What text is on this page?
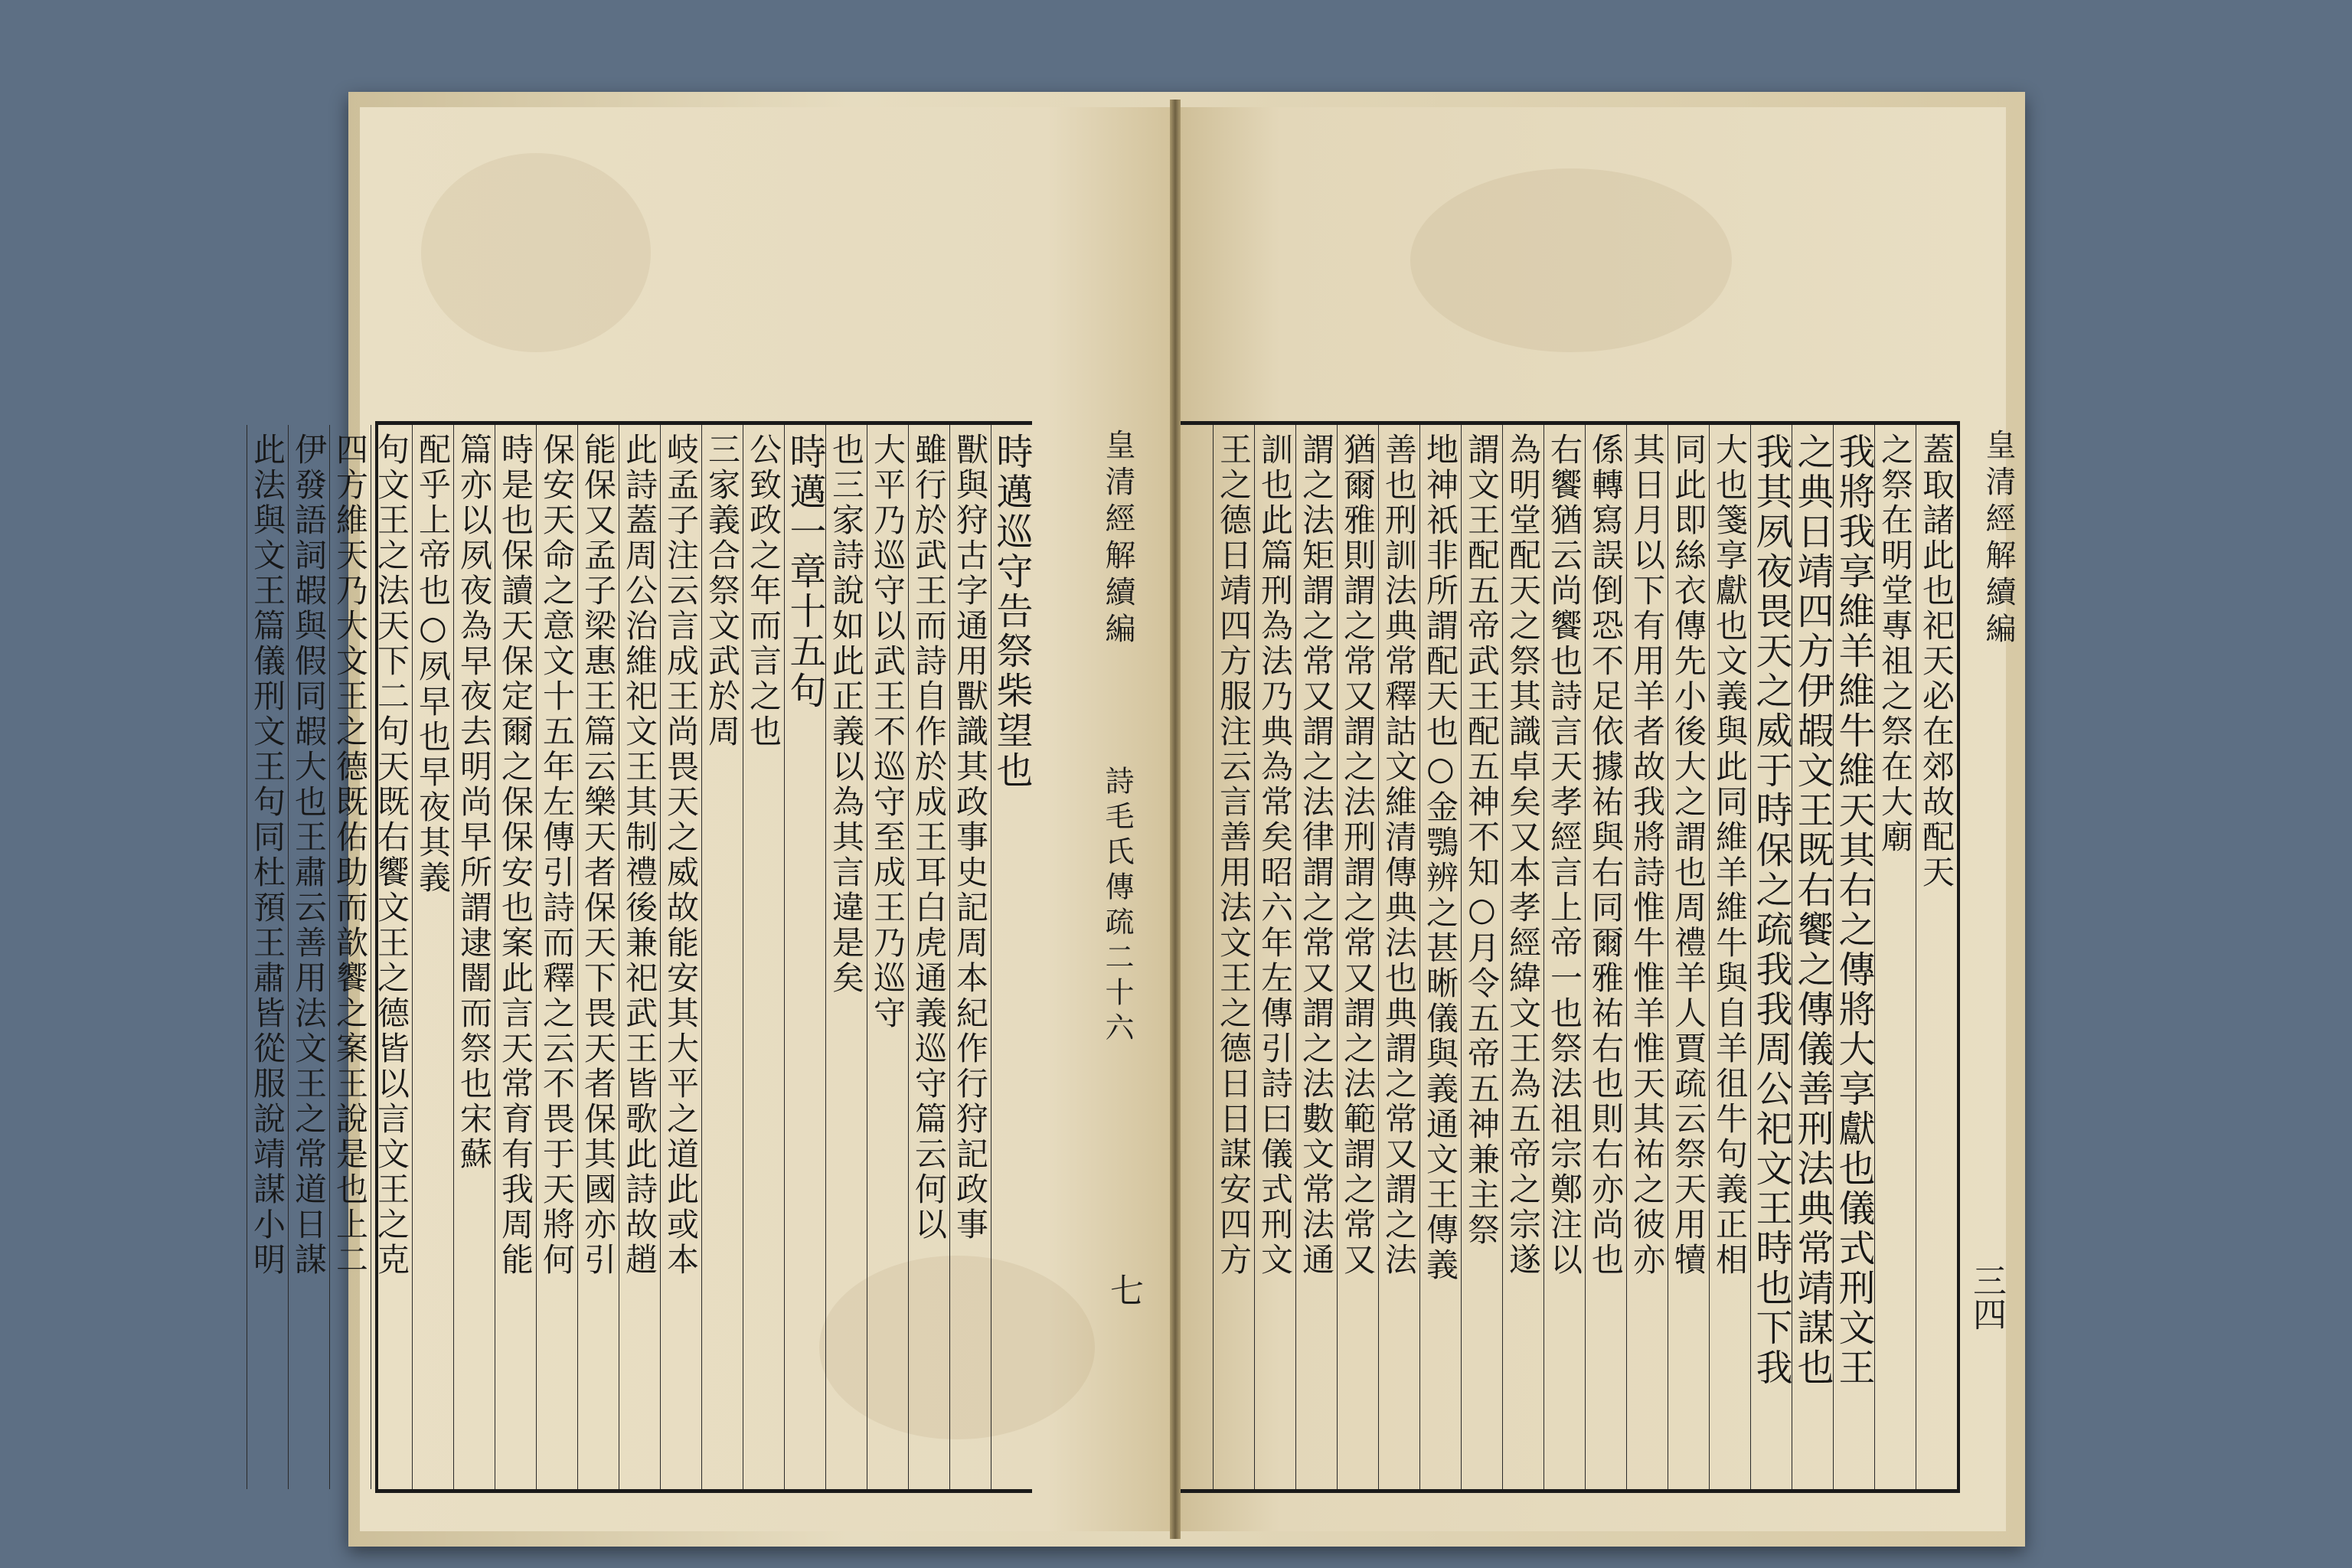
皇清經解續編
詩毛氏傳疏二十六
七
時邁巡守告祭柴望也
獸與狩古字通用獸識其政事史記周本紀作行狩記政事
雖行於武王而詩自作於成王耳白虎通義巡守篇云何以
大平乃巡守以武王不巡守至成王乃巡守
也三家詩說如此正義以為其言違是矣
時邁一章十五句
公致政之年而言之也
三家義合祭文武於周
岐孟子注云言成王尚畏天之威故能安其大平之道此或本
此詩蓋周公治維祀文王其制禮後兼祀武王皆歌此詩故趙
能保又孟子梁惠王篇云樂天者保天下畏天者保其國亦引
保安天命之意文十五年左傳引詩而釋之云不畏于天將何
時是也保讀天保定爾之保保安也案此言天常育有我周能
篇亦以夙夜為早夜去明尚早所謂逮闇而祭也宋蘇
配乎上帝也○夙早也早夜其義
句文王之法天下二句天既右饗文王之德皆以言文王之克
四方維天乃大文王之德既佑助而歆饗之案王說是也上二
伊發語詞嘏與假同嘏大也王肅云善用法文王之常道日謀
此法與文王篇儀刑文王句同杜預王肅皆從服說靖謀小明	皇清經解續編
三四
蓋取諸此也祀天必在郊故配天
之祭在明堂專祖之祭在大廟
我將我享維羊維牛維天其右之傳將大享獻也儀式刑文王
之典日靖四方伊嘏文王既右饗之傳儀善刑法典常靖謀也
我其夙夜畏天之威于時保之疏我我周公祀文王時也下我
大也箋享獻也文義與此同維羊維牛與自羊徂牛句義正相
同此即絲衣傳先小後大之謂也周禮羊人賈疏云祭天用犢
其日月以下有用羊者故我將詩惟牛惟羊惟天其祐之彼亦
係轉寫誤倒恐不足依據祐與右同爾雅祐右也則右亦尚也
右饗猶云尚饗也詩言天孝經言上帝一也祭法祖宗鄭注以
為明堂配天之祭其識卓矣又本孝經緯文王為五帝之宗遂
謂文王配五帝武王配五神不知○月令五帝五神兼主祭
地神祇非所謂配天也○金鶚辨之甚晰儀與義通文王傳義
善也刑訓法典常釋詁文維清傳典法也典謂之常又謂之法
猶爾雅則謂之常又謂之法刑謂之常又謂之法範謂之常又
謂之法矩謂之常又謂之法律謂之常又謂之法數文常法通
訓也此篇刑為法乃典為常矣昭六年左傳引詩曰儀式刑文
王之德日靖四方服注云言善用法文王之德日日謀安四方
